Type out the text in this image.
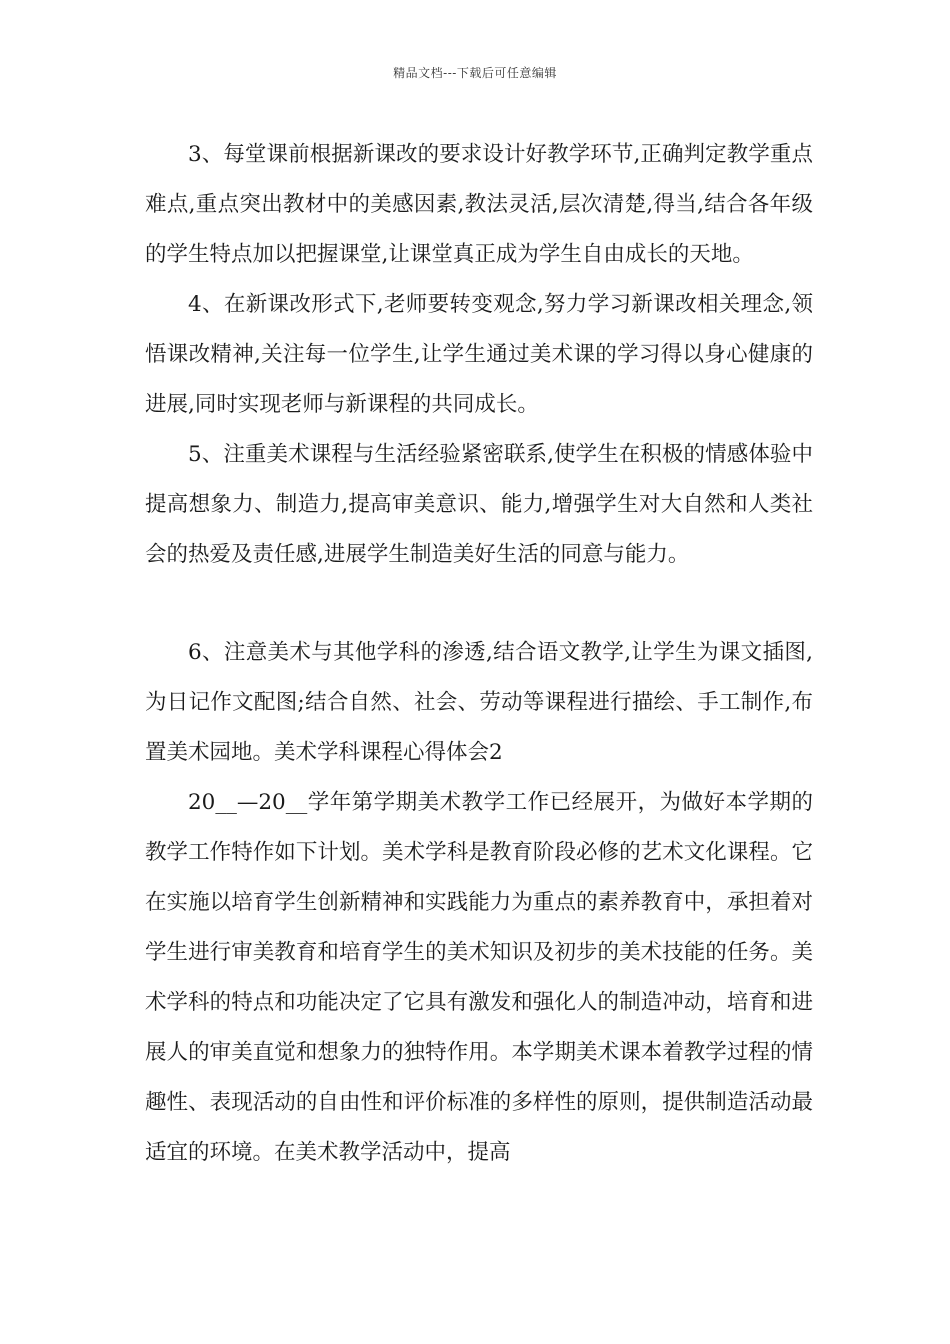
精品文档---下载后可任意编辑

3、每堂课前根据新课改的要求设计好教学环节,正确判定教学重点难点,重点突出教材中的美感因素,教法灵活,层次清楚,得当,结合各年级的学生特点加以把握课堂,让课堂真正成为学生自由成长的天地。

4、在新课改形式下,老师要转变观念,努力学习新课改相关理念,领悟课改精神,关注每一位学生,让学生通过美术课的学习得以身心健康的进展,同时实现老师与新课程的共同成长。

5、注重美术课程与生活经验紧密联系,使学生在积极的情感体验中提高想象力、制造力,提高审美意识、能力,增强学生对大自然和人类社会的热爱及责任感,进展学生制造美好生活的同意与能力。

6、注意美术与其他学科的渗透,结合语文教学,让学生为课文插图,为日记作文配图;结合自然、社会、劳动等课程进行描绘、手工制作,布置美术园地。美术学科课程心得体会2

20__—20__学年第学期美术教学工作已经展开，为做好本学期的教学工作特作如下计划。美术学科是教育阶段必修的艺术文化课程。它在实施以培育学生创新精神和实践能力为重点的素养教育中，承担着对学生进行审美教育和培育学生的美术知识及初步的美术技能的任务。美术学科的特点和功能决定了它具有激发和强化人的制造冲动，培育和进展人的审美直觉和想象力的独特作用。本学期美术课本着教学过程的情趣性、表现活动的自由性和评价标准的多样性的原则，提供制造活动最适宜的环境。在美术教学活动中，提高
